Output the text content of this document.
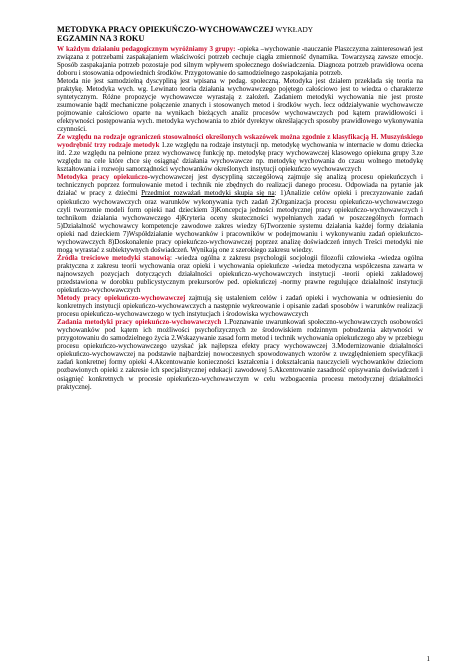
METODYKA PRACY OPIEKUŃCZO-WYCHOWAWCZEJ WYKŁADY

EGZAMIN NA 3 ROKU

W każdym działaniu pedagogicznym wyróżniamy 3 grupy: -opieka –wychowanie -nauczanie Plaszczyzna zainteresowań jest związana z potrzebami zaspakajaniem właściwości potrzeb cechuje ciągła zmienność dynamika. Towarzyszą zawsze emocje. Sposób zaspakajania potrzeb pozostaje pod silnym wpływem społecznego doświadczenia. Diagnoza potrzeb prawidłowa ocena doboru i stosowania odpowiednich środków. Przygotowanie do samodzielnego zaspokajania potrzeb.

Metoda nie jest samodzielną dyscypliną jest wpisana w pedag. społeczną. Metodyka jest działem przekłada się teoria na praktykę. Metodyka wych. wg. Lewinato teoria działania wychowawczego pojętego całościowo jest to wiedza o charakterze syntetycznym. Różne propozycje wychowawcze wyrastają z założeń. Zadaniem metodyki wychowania nie jest proste zsumowanie bądź mechaniczne połączenie znanych i stosowanych metod i środków wych. lecz oddziaływanie wychowawcze pojmowanie całościowo oparte na wynikach bieżących analiz procesów wychowawczych pod kątem prawidłowości i efektywności postępowania wych. metodyka wychowania to zbiór dyrektyw określających sposoby prawidłowego wykonywania czynności.

Ze względu na rodzaje ograniczeń stosowalności określonych wskazówek można zgodnie z klasyfikacją H. Muszyńskiego wyodrębnić trzy rodzaje metodyk 1.ze względu na rodzaje instytucji np. metodykę wychowania w internacie w domu dziecka itd. 2.ze względu na pełnione przez wychowawcę funkcję np. metodykę pracy wychowawczej klasowego opiekuna grupy 3.ze względu na cele które chce się osiągnąć działania wychowawcze np. metodykę wychowania do czasu wolnego metodykę kształtowania i rozwoju samorządności wychowanków określonych instytucji opiekuńczo wychowawczych

Metodyka pracy opiekuńczo-wychowawczej jest dyscypliną szczegółową zajmuje się analizą procesu opiekuńczych i technicznych poprzez formułowanie metod i technik nie zbędnych do realizacji danego procesu. Odpowiada na pytanie jak działać w pracy z dziećmi Przedmiot rozważań metodyki skupia się na: 1)Analizie celów opieki i preczyzowanie zadań opiekuńczo wychowawczych oraz warunków wykonywania tych zadań 2)Organizacja procesu opiekuńczo-wychowawczego czyli tworzenie modeli form opieki nad dzieckiem 3)Koncepcja jedności metodycznej pracy opiekuńczo-wychowawczych i technikom działania wychowawczego 4)Kryteria oceny skuteczności wypełnianych zadań w poszczególnych formach 5)Działalność wychowawcy kompetencje zawodowe zakres wiedzy 6)Tworzenie systemu działania każdej formy działania opieki nad dzieckiem 7)Współdziałanie wychowanków i pracowników w podejmowaniu i wykonywaniu zadań opiekuńczo-wychowawczych 8)Doskonalenie pracy opiekuńczo-wychowawczej poprzez analizę doświadczeń innych Treści metodyki nie mogą wyrastać z subiektywnych doświadczeń. Wynikają one z szerokiego zakresu wiedzy.

Źródła treściowe metodyki stanowią: -wiedza ogólna z zakresu psychologii socjologii filozofii człowieka -wiedza ogólna praktyczna z zakresu teorii wychowania oraz opieki i wychowania opiekuńcze -wiedza metodyczna współczesna zawarta w najnowszych pozycjach dotyczących działalności opiekuńczo-wychowawczych instytucji -teorii opieki zakładowej przedstawiona w dorobku publicystycznym prekursorów ped. opiekuńczej -normy prawne regulujące działalność instytucji opiekuńczo-wychowawczych

Metody pracy opiekuńczo-wychowawczej zajmują się ustaleniem celów i zadań opieki i wychowania w odniesieniu do konkretnych instytucji opiekuńczo-wychowawczych a następnie wykreowanie i opisanie zadań sposobów i warunków realizacji procesu opiekuńczo-wychowawczego w tych instytucjach i środowiska wychowawczych

Zadania metodyki pracy opiekuńczo-wychowawczych 1.Poznawanie uwarunkowań społeczno-wychowawczych osobowości wychowanków pod kątem ich możliwości psychofizycznych ze środowiskiem rodzinnym pobudzenia aktywności w przygotowaniu do samodzielnego życia 2.Wskazywanie zasad form metod i technik wychowania opiekuńczego aby w przebiegu procesu opiekuńczo-wychowawczego uzyskać jak najlepsza efekty pracy wychowawczej 3.Modernizowanie działalności opiekuńczo-wychowawczej na podstawie najbardziej nowoczesnych spowodowanych wzorów z uwzględnieniem specyfikacji zadań konkretnej formy opieki 4.Akcentowanie konieczności kształcenia i dokształcania nauczycieli wychowanków dzieciom pozbawionych opieki z zakresie ich specjalistycznej edukacji zawodowej 5.Akcentowanie zasadność opisywania doświadczeń i osiągnięć konkretnych w procesie opiekuńczo-wychowawczym w celu wzbogacenia procesu metodycznej działalności praktycznej.

1
